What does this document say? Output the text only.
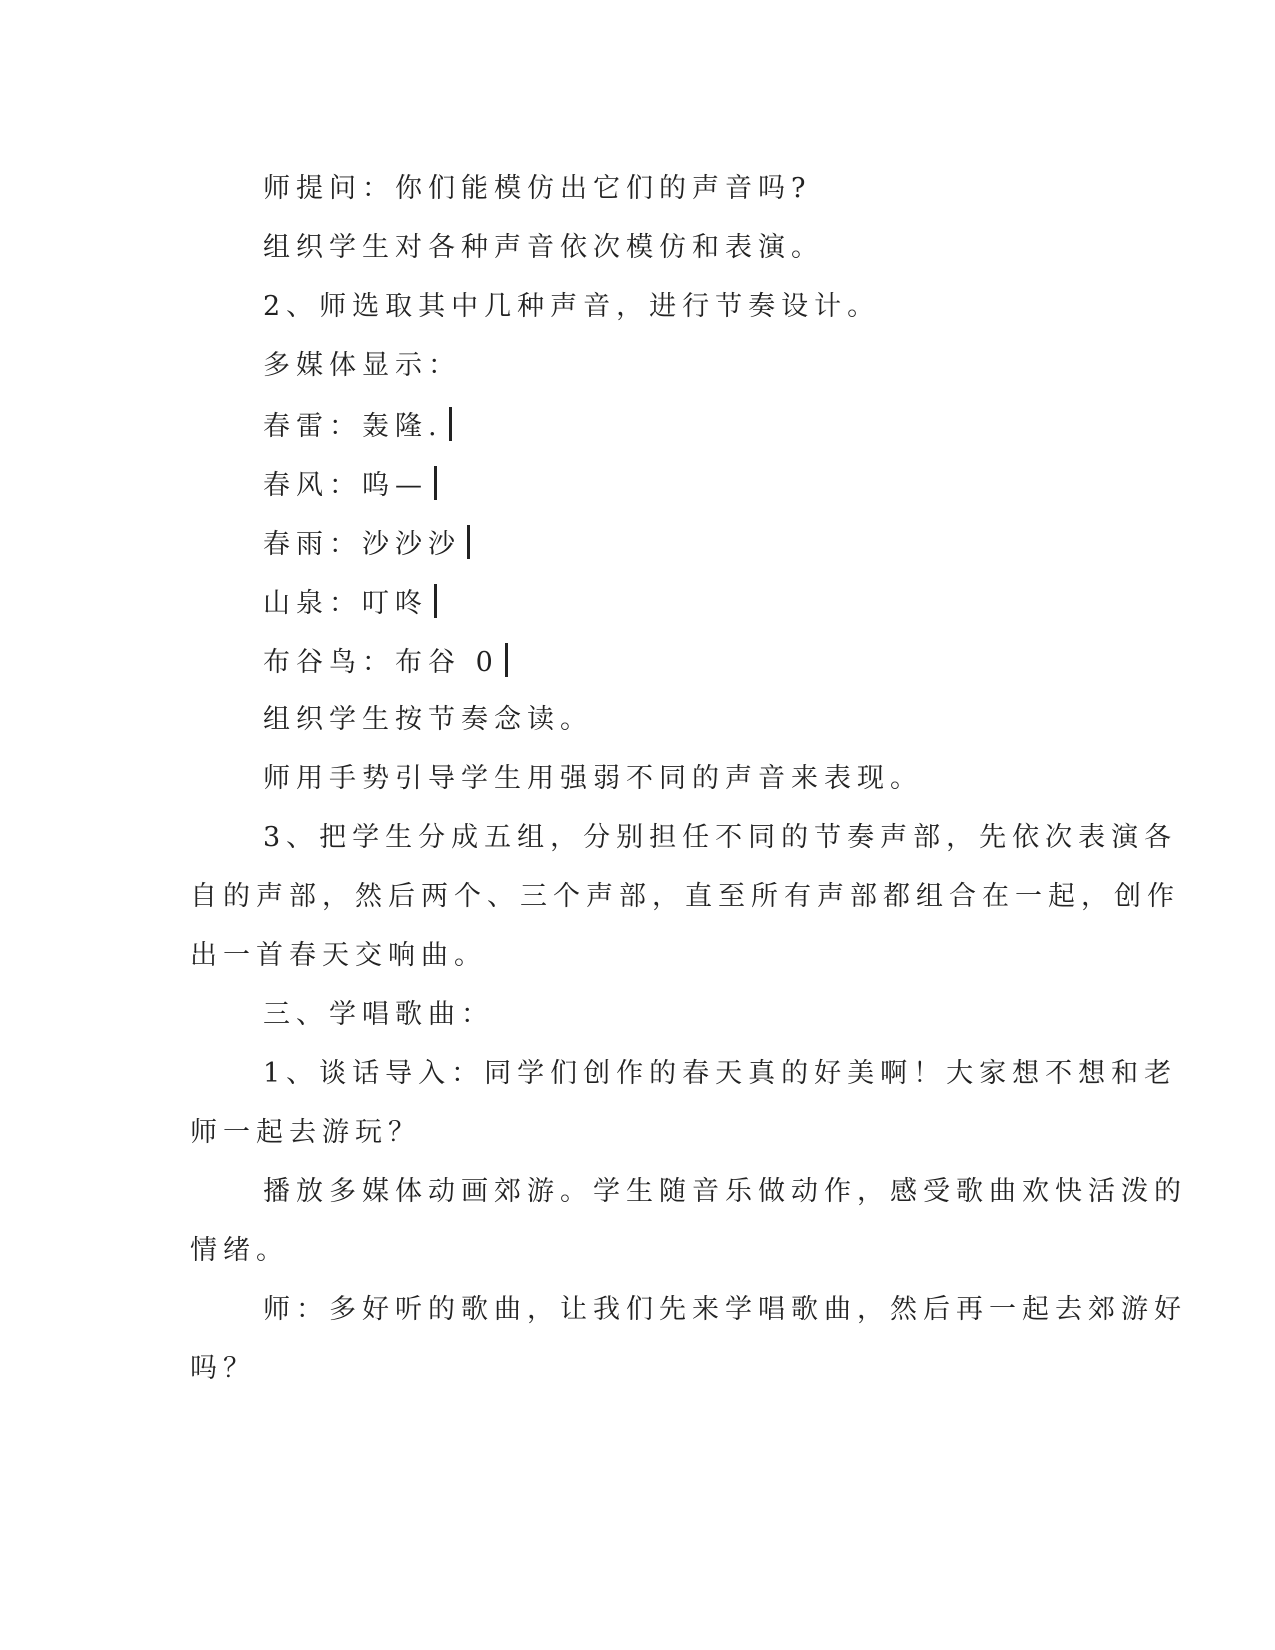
师提问：你们能模仿出它们的声音吗?
组织学生对各种声音依次模仿和表演。
2、师选取其中几种声音，进行节奏设计。
多媒体显示：
春雷：轰隆.
春风：呜—
春雨：沙沙沙
山泉：叮咚
布谷鸟：布谷 0
组织学生按节奏念读。
师用手势引导学生用强弱不同的声音来表现。
3、把学生分成五组，分别担任不同的节奏声部，先依次表演各
自的声部，然后两个、三个声部，直至所有声部都组合在一起，创作
出一首春天交响曲。
三、学唱歌曲：
1、谈话导入：同学们创作的春天真的好美啊！大家想不想和老
师一起去游玩？
播放多媒体动画郊游。学生随音乐做动作，感受歌曲欢快活泼的
情绪。
师：多好听的歌曲，让我们先来学唱歌曲，然后再一起去郊游好
吗？
